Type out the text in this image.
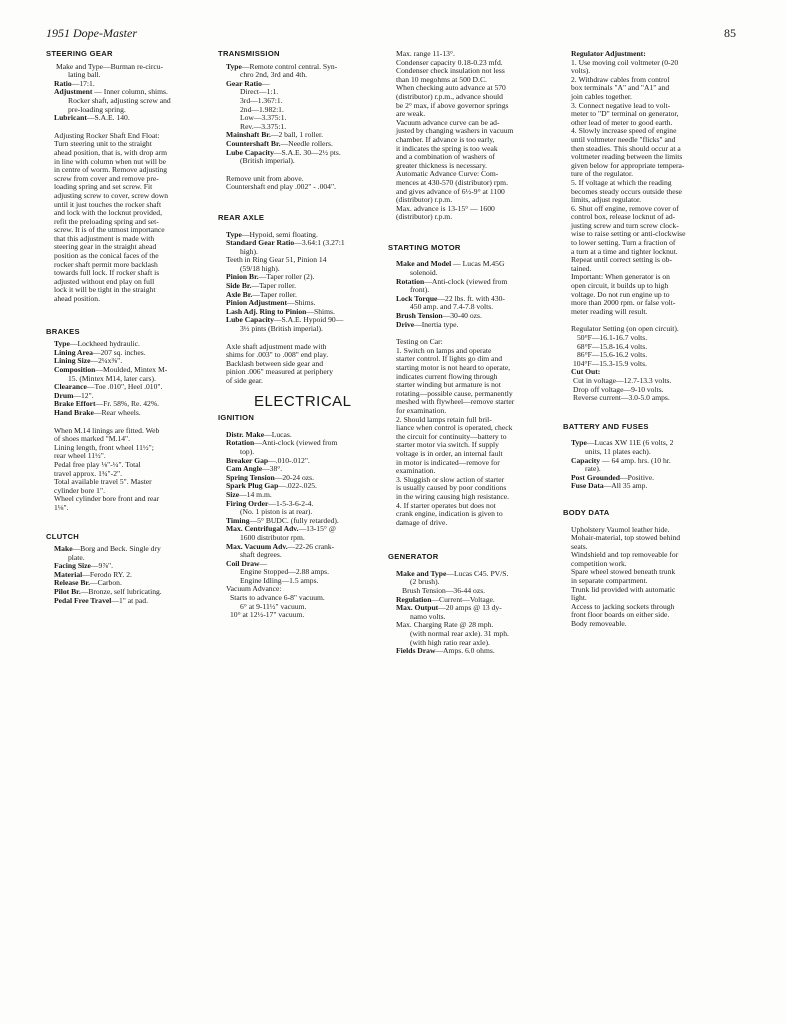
1951 Dope-Master	85
STEERING GEAR

Make and Type—Burman re-circu-

lating ball.

Ratio—17:1.

Adjustment — Inner column, shims.

Rocker shaft, adjusting screw and

pre-loading spring.

Lubricant—S.A.E. 140.

Adjusting Rocker Shaft End Float:

Turn steering unit to the straight

ahead position, that is, with drop arm

in line with column when nut will be

in centre of worm. Remove adjusting

screw from cover and remove pre-

loading spring and set screw. Fit

adjusting screw to cover, screw down

until it just touches the rocker shaft

and lock with the locknut provided,

refit the preloading spring and set-

screw. It is of the utmost importance

that this adjustment is made with

steering gear in the straight ahead

position as the conical faces of the

rocker shaft permit more backlash

towards full lock. If rocker shaft is

adjusted without end play on full

lock it will be tight in the straight

ahead position.

BRAKES

Type—Lockheed hydraulic.

Lining Area—207 sq. inches.

Lining Size—2¼x⅜".

Composition—Moulded, Mintex M-

15. (Mintex M14, later cars).

Clearance—Toe .010", Heel .010".

Drum—12".

Brake Effort—Fr. 58%, Re. 42%.

Hand Brake—Rear wheels.

When M.14 linings are fitted. Web

of shoes marked "M.14".

Lining length, front wheel 11½";

rear wheel 11½".

Pedal free play ⅛"-¼". Total

travel approx. 1¾"-2".

Total available travel 5". Master

cylinder bore 1".

Wheel cylinder bore front and rear

1⅛".

CLUTCH

Make—Borg and Beck. Single dry

plate.

Facing Size—9⅞".

Material—Ferodo RY. 2.

Release Br.—Carbon.

Pilot Br.—Bronze, self lubricating.

Pedal Free Travel—1" at pad.

TRANSMISSION

Type—Remote control central. Syn-

chro 2nd, 3rd and 4th.

Gear Ratio—

Direct—1:1.

3rd—1.367:1.

2nd—1.982:1.

Low—3.375:1.

Rev.—3.375:1.

Mainshaft Br.—2 ball, 1 roller.

Countershaft Br.—Needle rollers.

Lube Capacity—S.A.E. 30—2½ pts.

(British imperial).

Remove unit from above.

Countershaft end play .002" - .004".

REAR AXLE

Type—Hypoid, semi floating.

Standard Gear Ratio—3.64:1 (3.27:1

high).

Teeth in Ring Gear 51, Pinion 14

(59/18 high).

Pinion Br.—Taper roller (2).

Side Br.—Taper roller.

Axle Br.—Taper roller.

Pinion Adjustment—Shims.

Lash Adj. Ring to Pinion—Shims.

Lube Capacity—S.A.E. Hypoid 90—

3½ pints (British imperial).

Axle shaft adjustment made with

shims for .003" to .008" end play.

Backlash between side gear and

pinion .006" measured at periphery

of side gear.

ELECTRICAL
IGNITION

Distr. Make—Lucas.

Rotation—Anti-clock (viewed from

top).

Breaker Gap—.010-.012".

Cam Angle—38°.

Spring Tension—20-24 ozs.

Spark Plug Gap—.022-.025.

Size—14 m.m.

Firing Order—1-5-3-6-2-4.

(No. 1 piston is at rear).

Timing—5° BUDC. (fully retarded).

Max. Centrifugal Adv.—13-15° @

1600 distributor rpm.

Max. Vacuum Adv.—22-26 crank-

shaft degrees.

Coil Draw—

Engine Stopped—2.88 amps.

Engine Idling—1.5 amps.

Vacuum Advance:

Starts to advance 6-8" vacuum.

6° at 9-11½" vacuum.

10° at 12½-17" vacuum.

Max. range 11-13°.

Condenser capacity 0.18-0.23 mfd.

Condenser check insulation not less

than 10 megohms at 500 D.C.

When checking auto advance at 570

(distributor) r.p.m., advance should

be 2° max, if above governor springs

are weak.

Vacuum advance curve can be ad-

justed by changing washers in vacuum

chamber. If advance is too early,

it indicates the spring is too weak

and a combination of washers of

greater thickness is necessary.

Automatic Advance Curve: Com-

mences at 430-570 (distributor) rpm.

and gives advance of 6½-9° at 1100

(distributor) r.p.m.

Max. advance is 13-15° — 1600

(distributor) r.p.m.

STARTING MOTOR

Make and Model — Lucas M.45G

solenoid.

Rotation—Anti-clock (viewed from

front).

Lock Torque—22 lbs. ft. with 430-

450 amp. and 7.4-7.8 volts.

Brush Tension—30-40 ozs.

Drive—Inertia type.

Testing on Car:

1. Switch on lamps and operate

starter control. If lights go dim and

starting motor is not heard to operate,

indicates current flowing through

starter winding but armature is not

rotating—possible cause, permanently

meshed with flywheel—remove starter

for examination.

2. Should lamps retain full bril-

liance when control is operated, check

the circuit for continuity—battery to

starter motor via switch. If supply

voltage is in order, an internal fault

in motor is indicated—remove for

examination.

3. Sluggish or slow action of starter

is usually caused by poor conditions

in the wiring causing high resistance.

4. If starter operates but does not

crank engine, indication is given to

damage of drive.

GENERATOR

Make and Type—Lucas C45. PV/S.

(2 brush).

Brush Tension—36-44 ozs.

Regulation—Current—Voltage.

Max. Output—20 amps @ 13 dy-

namo volts.

Max. Charging Rate @ 28 mph.

(with normal rear axle). 31 mph.

(with high ratio rear axle).

Fields Draw—Amps. 6.0 ohms.

Regulator Adjustment:

1. Use moving coil voltmeter (0-20

volts).

2. Withdraw cables from control

box terminals "A" and "A1" and

join cables together.

3. Connect negative lead to volt-

meter to "D" terminal on generator,

other lead of meter to good earth.

4. Slowly increase speed of engine

until voltmeter needle "flicks" and

then steadies. This should occur at a

voltmeter reading between the limits

given below for appropriate tempera-

ture of the regulator.

5. If voltage at which the reading

becomes steady occurs outside these

limits, adjust regulator.

6. Shut off engine, remove cover of

control box, release locknut of ad-

justing screw and turn screw clock-

wise to raise setting or anti-clockwise

to lower setting. Turn a fraction of

a turn at a time and tighter locknut.

Repeat until correct setting is ob-

tained.

Important: When generator is on

open circuit, it builds up to high

voltage. Do not run engine up to

more than 2000 rpm. or false volt-

meter reading will result.

Regulator Setting (on open circuit).

50°F—16.1-16.7 volts.

68°F—15.8-16.4 volts.

86°F—15.6-16.2 volts.

104°F—15.3-15.9 volts.

Cut Out:

Cut in voltage—12.7-13.3 volts.

Drop off voltage—9-10 volts.

Reverse current—3.0-5.0 amps.

BATTERY AND FUSES

Type—Lucas XW 11E (6 volts, 2

units, 11 plates each).

Capacity — 64 amp. hrs. (10 hr.

rate).

Post Grounded—Positive.

Fuse Data—All 35 amp.

BODY DATA

Upholstery Vaumol leather hide.

Mohair-material, top stowed behind

seats.

Windshield and top removeable for

competition work.

Spare wheel stowed beneath trunk

in separate compartment.

Trunk lid provided with automatic

light.

Access to jacking sockets through

front floor boards on either side.

Body removeable.
